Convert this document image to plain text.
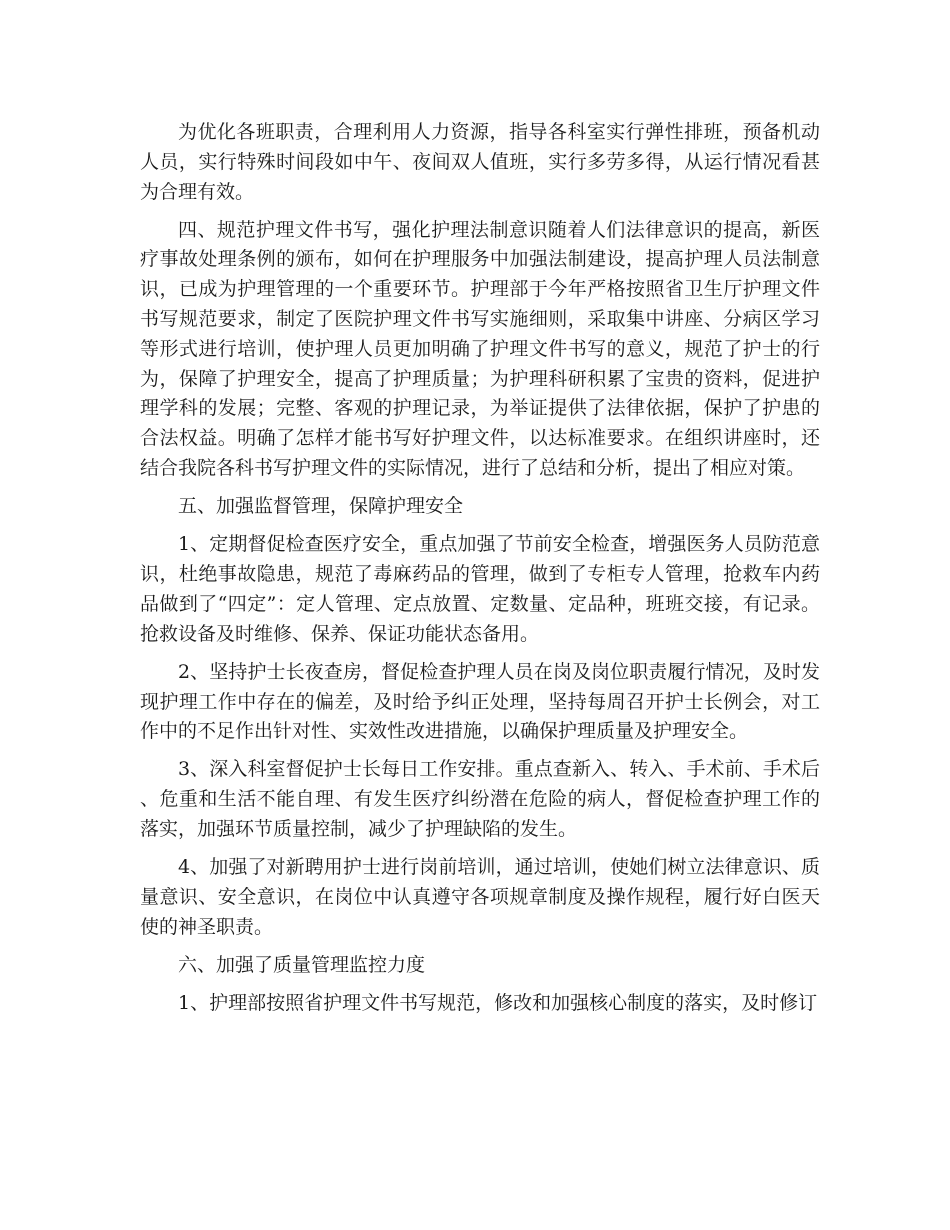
为优化各班职责，合理利用人力资源，指导各科室实行弹性排班，预备机动人员，实行特殊时间段如中午、夜间双人值班，实行多劳多得，从运行情况看甚为合理有效。

四、规范护理文件书写，强化护理法制意识随着人们法律意识的提高，新医疗事故处理条例的颁布，如何在护理服务中加强法制建设，提高护理人员法制意识，已成为护理管理的一个重要环节。护理部于今年严格按照省卫生厅护理文件书写规范要求，制定了医院护理文件书写实施细则，采取集中讲座、分病区学习等形式进行培训，使护理人员更加明确了护理文件书写的意义，规范了护士的行为，保障了护理安全，提高了护理质量；为护理科研积累了宝贵的资料，促进护理学科的发展；完整、客观的护理记录，为举证提供了法律依据，保护了护患的合法权益。明确了怎样才能书写好护理文件，以达标准要求。在组织讲座时，还结合我院各科书写护理文件的实际情况，进行了总结和分析，提出了相应对策。

五、加强监督管理，保障护理安全

1、定期督促检查医疗安全，重点加强了节前安全检查，增强医务人员防范意识，杜绝事故隐患，规范了毒麻药品的管理，做到了专柜专人管理，抢救车内药品做到了“四定”：定人管理、定点放置、定数量、定品种，班班交接，有记录。抢救设备及时维修、保养、保证功能状态备用。

2、坚持护士长夜查房，督促检查护理人员在岗及岗位职责履行情况，及时发现护理工作中存在的偏差，及时给予纠正处理，坚持每周召开护士长例会，对工作中的不足作出针对性、实效性改进措施，以确保护理质量及护理安全。

3、深入科室督促护士长每日工作安排。重点查新入、转入、手术前、手术后、危重和生活不能自理、有发生医疗纠纷潜在危险的病人，督促检查护理工作的落实，加强环节质量控制，减少了护理缺陷的发生。

4、加强了对新聘用护士进行岗前培训，通过培训，使她们树立法律意识、质量意识、安全意识，在岗位中认真遵守各项规章制度及操作规程，履行好白医天使的神圣职责。

六、加强了质量管理监控力度

1、护理部按照省护理文件书写规范，修改和加强核心制度的落实，及时修订
